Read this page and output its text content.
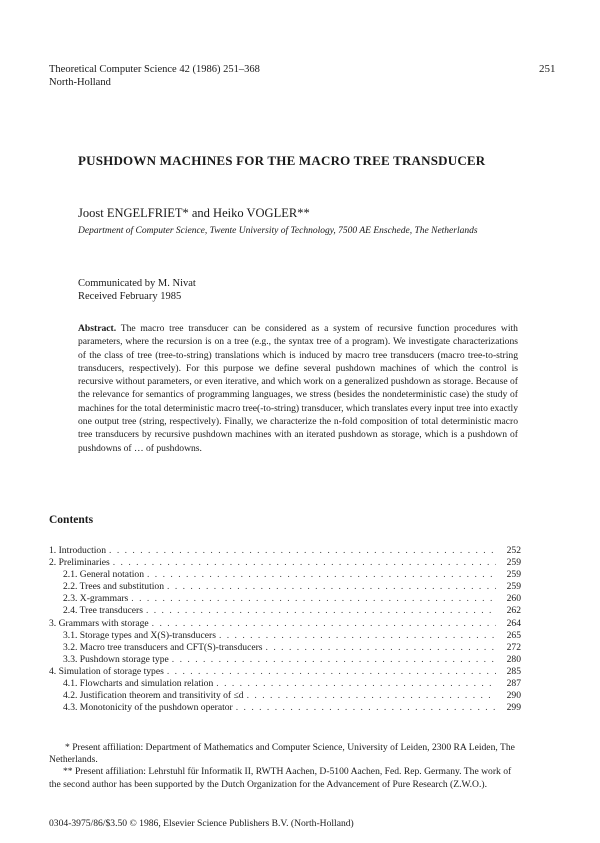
Theoretical Computer Science 42 (1986) 251–368
North-Holland
251
PUSHDOWN MACHINES FOR THE MACRO TREE TRANSDUCER
Joost ENGELFRIET* and Heiko VOGLER**
Department of Computer Science, Twente University of Technology, 7500 AE Enschede, The Netherlands
Communicated by M. Nivat
Received February 1985
Abstract. The macro tree transducer can be considered as a system of recursive function procedures with parameters, where the recursion is on a tree (e.g., the syntax tree of a program). We investigate characterizations of the class of tree (tree-to-string) translations which is induced by macro tree transducers (macro tree-to-string transducers, respectively). For this purpose we define several pushdown machines of which the control is recursive without parameters, or even iterative, and which work on a generalized pushdown as storage. Because of the relevance for semantics of programming languages, we stress (besides the nondeterministic case) the study of machines for the total deterministic macro tree(-to-string) transducer, which translates every input tree into exactly one output tree (string, respectively). Finally, we characterize the n-fold composition of total deterministic macro tree transducers by recursive pushdown machines with an iterated pushdown as storage, which is a pushdown of pushdowns of … of pushdowns.
Contents
1. Introduction . . .	252
2. Preliminaries . . .	259
2.1. General notation . . .	259
2.2. Trees and substitution . . .	259
2.3. X-grammars . . .	260
2.4. Tree transducers . . .	262
3. Grammars with storage . . .	264
3.1. Storage types and X(S)-transducers . . .	265
3.2. Macro tree transducers and CFT(S)-transducers . . .	272
3.3. Pushdown storage type . . .	280
4. Simulation of storage types . . .	285
4.1. Flowcharts and simulation relation . . .	287
4.2. Justification theorem and transitivity of ≤d . . .	290
4.3. Monotonicity of the pushdown operator . . .	299

* Present affiliation: Department of Mathematics and Computer Science, University of Leiden, 2300 RA Leiden, The Netherlands.

** Present affiliation: Lehrstuhl für Informatik II, RWTH Aachen, D-5100 Aachen, Fed. Rep. Germany. The work of the second author has been supported by the Dutch Organization for the Advancement of Pure Research (Z.W.O.).

0304-3975/86/$3.50 © 1986, Elsevier Science Publishers B.V. (North-Holland)
